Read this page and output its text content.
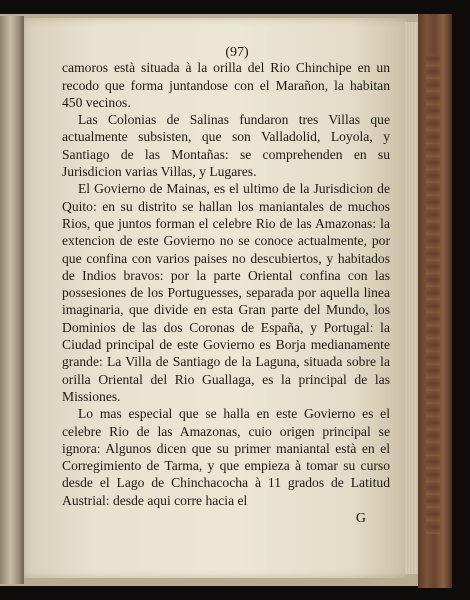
(97)
camoros està situada à la orilla del Rio Chinchipe en un recodo que forma juntandose con el Marañon, la habitan 450 vecinos.
Las Colonias de Salinas fundaron tres Villas que actualmente subsisten, que son Valladolid, Loyola, y Santiago de las Montañas: se comprehenden en su Jurisdicion varias Villas, y Lugares.
El Govierno de Mainas, es el ultimo de la Jurisdicion de Quito: en su distrito se hallan los maniantales de muchos Rios, que juntos forman el celebre Rio de las Amazonas: la extencion de este Govierno no se conoce actualmente, por que confina con varios paises no descubiertos, y habitados de Indios bravos: por la parte Oriental confina con las possesiones de los Portuguesses, separada por aquella linea imaginaria, que divide en esta Gran parte del Mundo, los Dominios de las dos Coronas de España, y Portugal: la Ciudad principal de este Govierno es Borja medianamente grande: La Villa de Santiago de la Laguna, situada sobre la orilla Oriental del Rio Guallaga, es la principal de las Missiones.
Lo mas especial que se halla en este Govierno es el celebre Rio de las Amazonas, cuio origen principal se ignora: Algunos dicen que su primer maniantal està en el Corregimiento de Tarma, y que empieza à tomar su curso desde el Lago de Chinchacocha à 11 grados de Latitud Austrial: desde aqui corre hacia el
G
